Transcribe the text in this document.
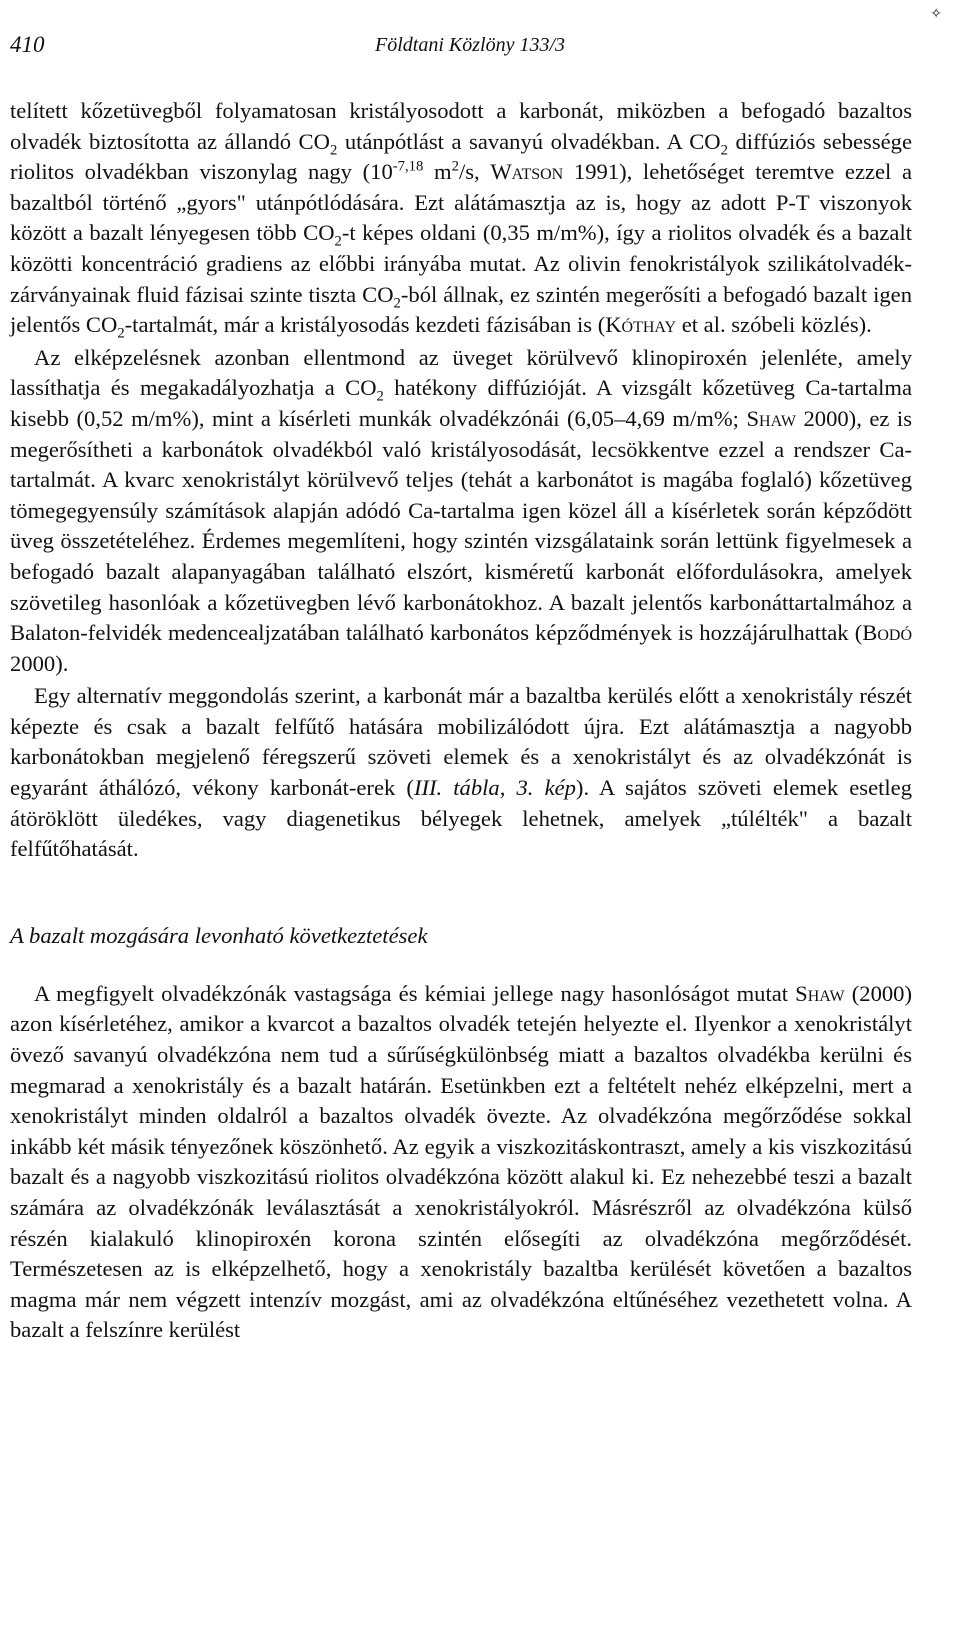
410	Földtani Közlöny 133/3
✧

telített kőzetüvegből folyamatosan kristályosodott a karbonát, miközben a befogadó bazaltos olvadék biztosította az állandó $CO_2$ utánpótlást a savanyú olvadékban. A $CO_2$ diffúziós sebessége riolitos olvadékban viszonylag nagy ($10^{-7,18}$ $m^2/s$, Watson 1991), lehetőséget teremtve ezzel a bazaltból történő „gyors" utánpótlódására. Ezt alátámasztja az is, hogy az adott P-T viszonyok között a bazalt lényegesen több $CO_2-t$ képes oldani (0,35 m/m%), így a riolitos olvadék és a bazalt közötti koncentráció gradiens az előbbi irányába mutat. Az olivin fenokristályok szilikátolvadék-zárványainak fluid fázisai szinte tiszta $CO_2$-ból állnak, ez szintén megerősíti a befogadó bazalt igen jelentős $CO_2$-tartalmát, már a kristályosodás kezdeti fázisában is (Kóthay et al. szóbeli közlés).

Az elképzelésnek azonban ellentmond az üveget körülvevő klinopiroxén jelenléte, amely lassíthatja és megakadályozhatja a $CO_2$ hatékony diffúzióját. A vizsgált kőzetüveg Ca-tartalma kisebb (0,52 m/m%), mint a kísérleti munkák olvadékzónái (6,05–4,69 m/m%; Shaw 2000), ez is megerősítheti a karbonátok olvadékból való kristályosodását, lecsökkentve ezzel a rendszer Ca-tartalmát. A kvarc xenokristályt körülvevő teljes (tehát a karbonátot is magába foglaló) kőzetüveg tömegegyensúly számítások alapján adódó Ca-tartalma igen közel áll a kísérletek során képződött üveg összetételéhez. Érdemes megemlíteni, hogy szintén vizsgálataink során lettünk figyelmesek a befogadó bazalt alapanyagában található elszórt, kisméretű karbonát előfordulásokra, amelyek szövetileg hasonlóak a kőzetüvegben lévő karbonátokhoz. A bazalt jelentős karbonáttartalmához a Balaton-felvidék medencealjzatában található karbonátos képződmények is hozzájárulhattak (Bodó 2000).

Egy alternatív meggondolás szerint, a karbonát már a bazaltba kerülés előtt a xenokristály részét képezte és csak a bazalt felfűtő hatására mobilizálódott újra. Ezt alátámasztja a nagyobb karbonátokban megjelenő féregszerű szöveti elemek és a xenokristályt és az olvadékzónát is egyaránt áthálózó, vékony karbonát-erek (III. tábla, 3. kép). A sajátos szöveti elemek esetleg átöröklött üledékes, vagy diagenetikus bélyegek lehetnek, amelyek „túlélték" a bazalt felfűtőhatását.

A bazalt mozgására levonható következtetések

A megfigyelt olvadékzónák vastagsága és kémiai jellege nagy hasonlóságot mutat Shaw (2000) azon kísérletéhez, amikor a kvarcot a bazaltos olvadék tetején helyezte el. Ilyenkor a xenokristályt övező savanyú olvadékzóna nem tud a sűrűségkülönbség miatt a bazaltos olvadékba kerülni és megmarad a xenokristály és a bazalt határán. Esetünkben ezt a feltételt nehéz elképzelni, mert a xenokristályt minden oldalról a bazaltos olvadék övezte. Az olvadékzóna megőrződése sokkal inkább két másik tényezőnek köszönhető. Az egyik a viszkozitáskontraszt, amely a kis viszkozitású bazalt és a nagyobb viszkozitású riolitos olvadékzóna között alakul ki. Ez nehezebbé teszi a bazalt számára az olvadékzónák leválasztását a xenokristályokról. Másrészről az olvadékzóna külső részén kialakuló klinopiroxén korona szintén elősegíti az olvadékzóna megőrződését. Természetesen az is elképzelhető, hogy a xenokristály bazaltba kerülését követően a bazaltos magma már nem végzett intenzív mozgást, ami az olvadékzóna eltűnéséhez vezethetett volna. A bazalt a felszínre kerülést
